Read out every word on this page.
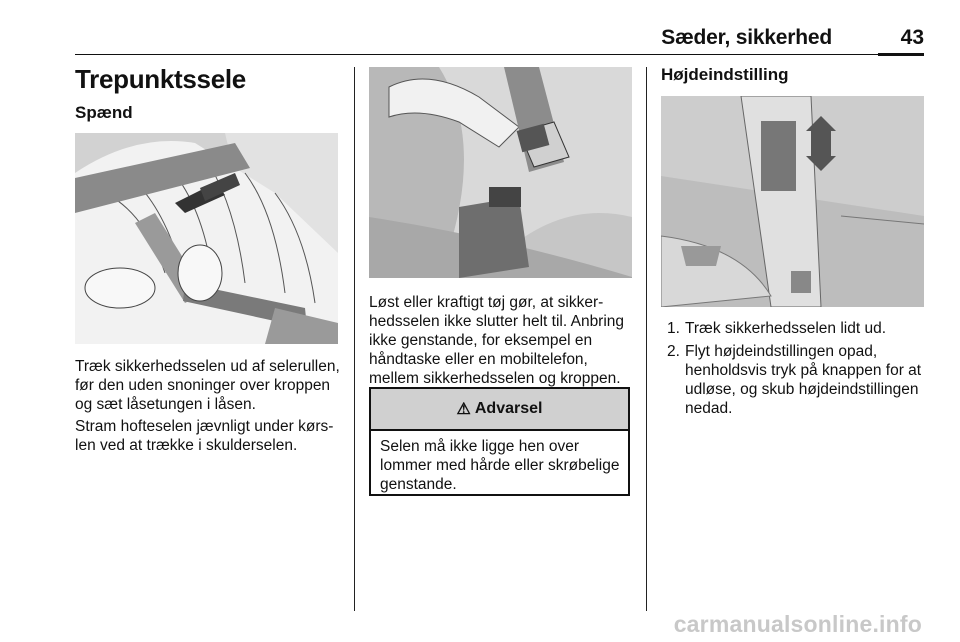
Sæder, sikkerhed	43
Trepunktssele
Spænd

Træk sikkerhedsselen ud af selerullen, før den uden snoninger over kroppen og sæt låsetungen i låsen.

Stram hofteselen jævnligt under kørslen ved at trække i skulderselen.

Løst eller kraftigt tøj gør, at sikkerhedsselen ikke slutter helt til. Anbring ikke genstande, for eksempel en håndtaske eller en mobiltelefon, mellem sikkerhedsselen og kroppen.

⚠ Advarsel
Selen må ikke ligge hen over lommer med hårde eller skrøbelige genstande.
Højdeindstilling
1. Træk sikkerhedsselen lidt ud.
2. Flyt højdeindstillingen opad, henholdsvis tryk på knappen for at udløse, og skub højdeindstillingen nedad.
carmanualsonline.info
